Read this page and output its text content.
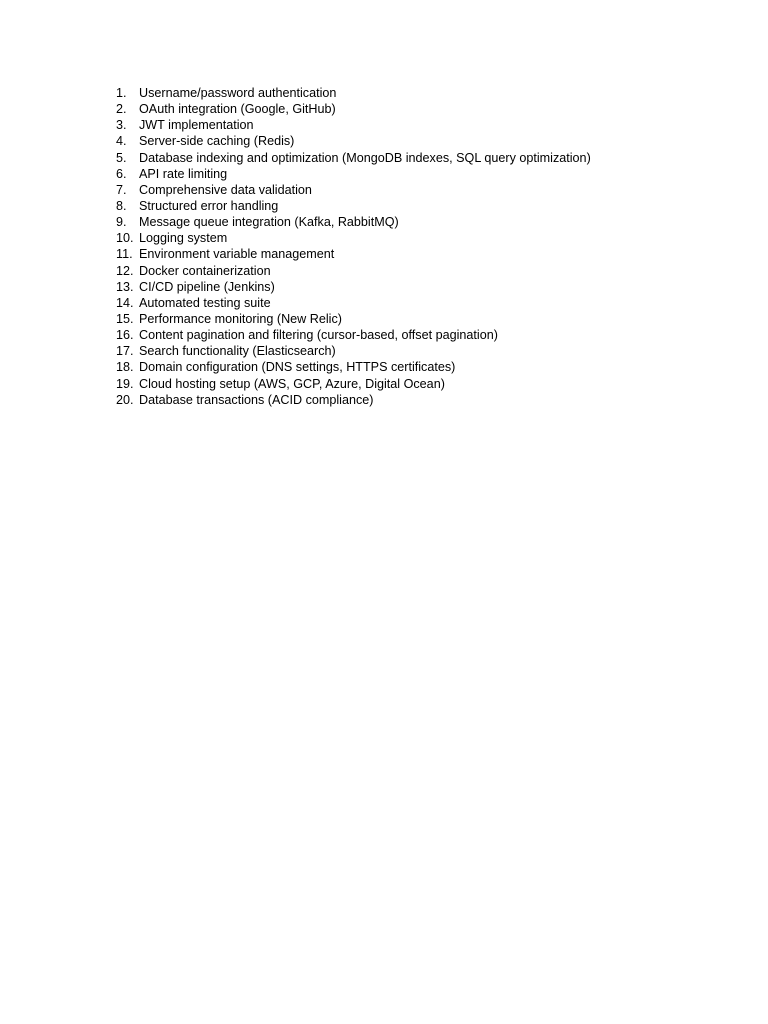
1. Username/password authentication
2. OAuth integration (Google, GitHub)
3. JWT implementation
4. Server-side caching (Redis)
5. Database indexing and optimization (MongoDB indexes, SQL query optimization)
6. API rate limiting
7. Comprehensive data validation
8. Structured error handling
9. Message queue integration (Kafka, RabbitMQ)
10. Logging system
11. Environment variable management
12. Docker containerization
13. CI/CD pipeline (Jenkins)
14. Automated testing suite
15. Performance monitoring (New Relic)
16. Content pagination and filtering (cursor-based, offset pagination)
17. Search functionality (Elasticsearch)
18. Domain configuration (DNS settings, HTTPS certificates)
19. Cloud hosting setup (AWS, GCP, Azure, Digital Ocean)
20. Database transactions (ACID compliance)
